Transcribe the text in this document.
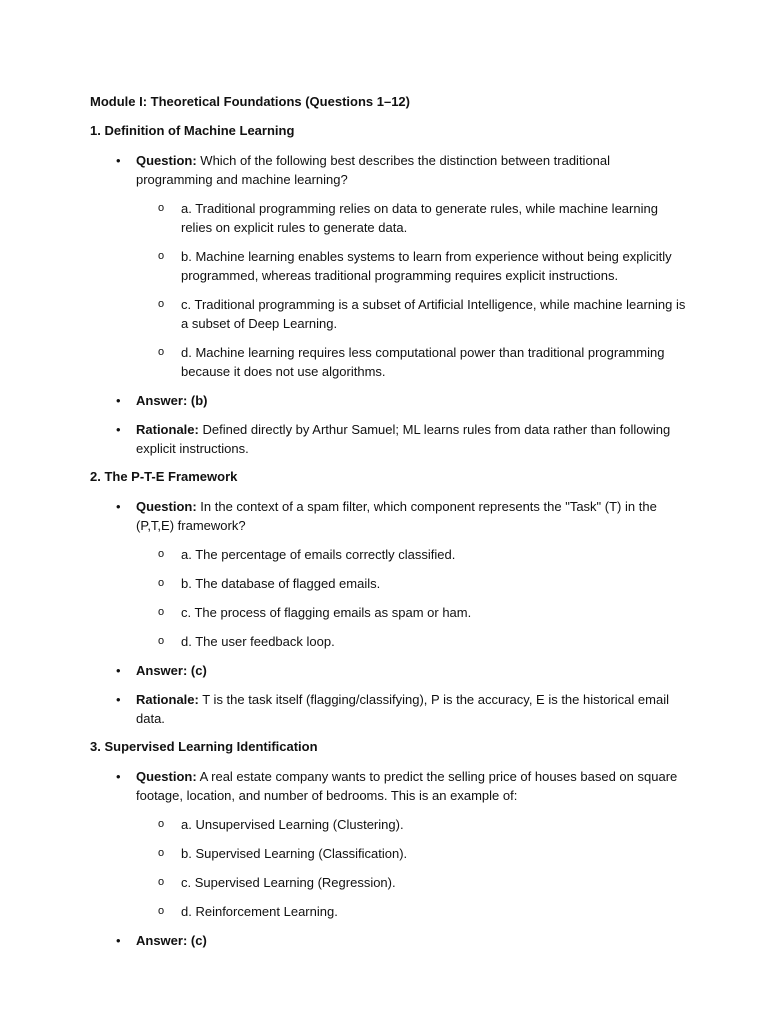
Module I: Theoretical Foundations (Questions 1–12)
1. Definition of Machine Learning
• Question: Which of the following best describes the distinction between traditional programming and machine learning?
o a. Traditional programming relies on data to generate rules, while machine learning relies on explicit rules to generate data.
o b. Machine learning enables systems to learn from experience without being explicitly programmed, whereas traditional programming requires explicit instructions.
o c. Traditional programming is a subset of Artificial Intelligence, while machine learning is a subset of Deep Learning.
o d. Machine learning requires less computational power than traditional programming because it does not use algorithms.
• Answer: (b)
• Rationale: Defined directly by Arthur Samuel; ML learns rules from data rather than following explicit instructions.
2. The P-T-E Framework
• Question: In the context of a spam filter, which component represents the "Task" (T) in the (P,T,E) framework?
o a. The percentage of emails correctly classified.
o b. The database of flagged emails.
o c. The process of flagging emails as spam or ham.
o d. The user feedback loop.
• Answer: (c)
• Rationale: T is the task itself (flagging/classifying), P is the accuracy, E is the historical email data.
3. Supervised Learning Identification
• Question: A real estate company wants to predict the selling price of houses based on square footage, location, and number of bedrooms. This is an example of:
o a. Unsupervised Learning (Clustering).
o b. Supervised Learning (Classification).
o c. Supervised Learning (Regression).
o d. Reinforcement Learning.
• Answer: (c)
